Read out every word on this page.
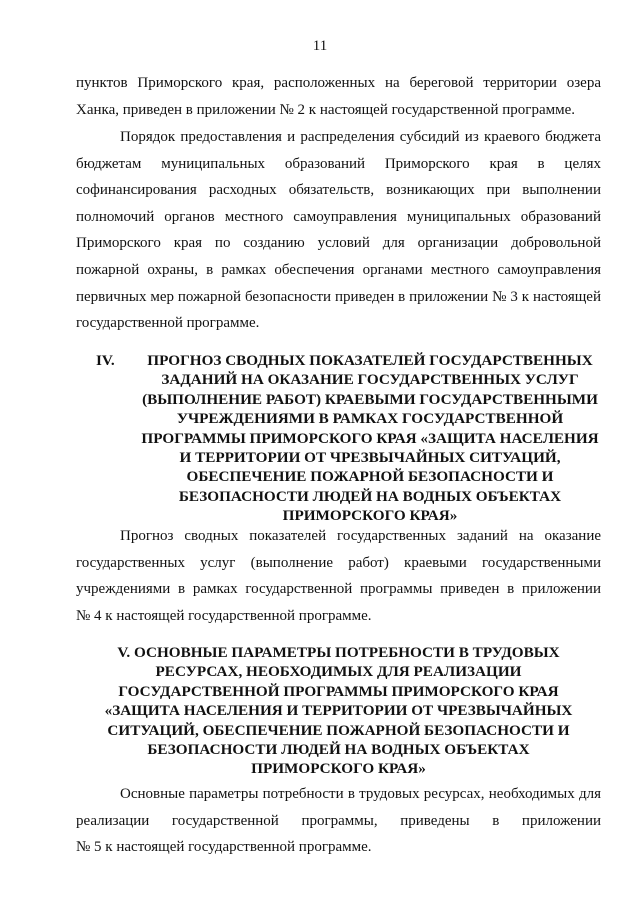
11
пунктов Приморского края, расположенных на береговой территории озера
Ханка, приведен в приложении № 2 к настоящей государственной программе.
Порядок предоставления и распределения субсидий из краевого бюджета
бюджетам муниципальных образований Приморского края в целях
софинансирования расходных обязательств, возникающих при выполнении
полномочий органов местного самоуправления муниципальных образований
Приморского края по созданию условий для организации добровольной
пожарной охраны, в рамках обеспечения органами местного самоуправления
первичных мер пожарной безопасности приведен в приложении № 3 к настоящей
государственной программе.
IV.	ПРОГНОЗ СВОДНЫХ ПОКАЗАТЕЛЕЙ ГОСУДАРСТВЕННЫХ
ЗАДАНИЙ НА ОКАЗАНИЕ ГОСУДАРСТВЕННЫХ УСЛУГ
(ВЫПОЛНЕНИЕ РАБОТ) КРАЕВЫМИ ГОСУДАРСТВЕННЫМИ
УЧРЕЖДЕНИЯМИ В РАМКАХ ГОСУДАРСТВЕННОЙ
ПРОГРАММЫ ПРИМОРСКОГО КРАЯ «ЗАЩИТА НАСЕЛЕНИЯ
И ТЕРРИТОРИИ ОТ ЧРЕЗВЫЧАЙНЫХ СИТУАЦИЙ,
ОБЕСПЕЧЕНИЕ ПОЖАРНОЙ БЕЗОПАСНОСТИ И
БЕЗОПАСНОСТИ ЛЮДЕЙ НА ВОДНЫХ ОБЪЕКТАХ
ПРИМОРСКОГО КРАЯ»
Прогноз сводных показателей государственных заданий на оказание
государственных услуг (выполнение работ) краевыми государственными
учреждениями в рамках государственной программы приведен в приложении
№ 4 к настоящей государственной программе.
V. ОСНОВНЫЕ ПАРАМЕТРЫ ПОТРЕБНОСТИ В ТРУДОВЫХ
РЕСУРСАХ, НЕОБХОДИМЫХ ДЛЯ РЕАЛИЗАЦИИ
ГОСУДАРСТВЕННОЙ ПРОГРАММЫ ПРИМОРСКОГО КРАЯ
«ЗАЩИТА НАСЕЛЕНИЯ И ТЕРРИТОРИИ ОТ ЧРЕЗВЫЧАЙНЫХ
СИТУАЦИЙ, ОБЕСПЕЧЕНИЕ ПОЖАРНОЙ БЕЗОПАСНОСТИ И
БЕЗОПАСНОСТИ ЛЮДЕЙ НА ВОДНЫХ ОБЪЕКТАХ
ПРИМОРСКОГО КРАЯ»
Основные параметры потребности в трудовых ресурсах, необходимых для
реализации государственной программы, приведены в приложении
№ 5 к настоящей государственной программе.
